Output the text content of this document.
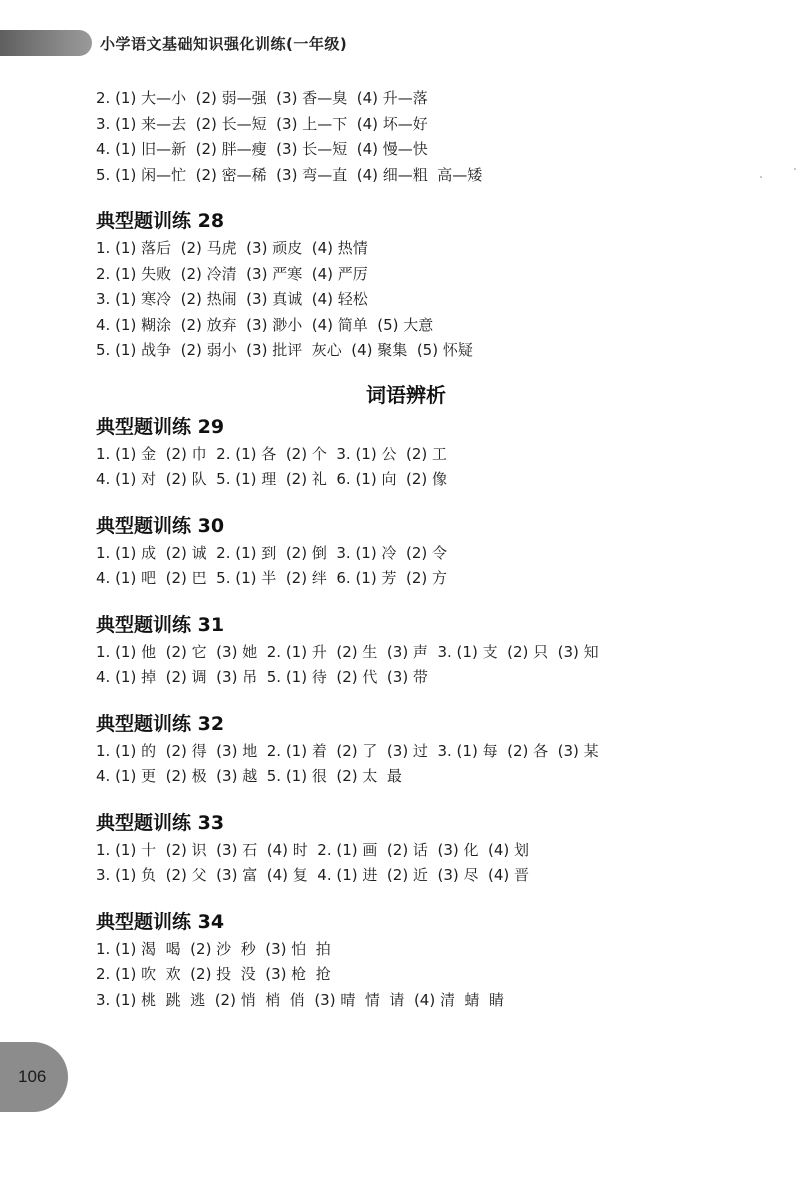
小学语文基础知识强化训练(一年级)
2. (1) 大—小  (2) 弱—强  (3) 香—臭  (4) 升—落
3. (1) 来—去  (2) 长—短  (3) 上—下  (4) 坏—好
4. (1) 旧—新  (2) 胖—瘦  (3) 长—短  (4) 慢—快
5. (1) 闲—忙  (2) 密—稀  (3) 弯—直  (4) 细—粗  高—矮
典型题训练 28
1. (1) 落后  (2) 马虎  (3) 顽皮  (4) 热情
2. (1) 失败  (2) 冷清  (3) 严寒  (4) 严厉
3. (1) 寒冷  (2) 热闹  (3) 真诚  (4) 轻松
4. (1) 糊涂  (2) 放弃  (3) 渺小  (4) 简单  (5) 大意
5. (1) 战争  (2) 弱小  (3) 批评  灰心  (4) 聚集  (5) 怀疑
词语辨析
典型题训练 29
1. (1) 金  (2) 巾  2. (1) 各  (2) 个  3. (1) 公  (2) 工
4. (1) 对  (2) 队  5. (1) 理  (2) 礼  6. (1) 向  (2) 像
典型题训练 30
1. (1) 成  (2) 诚  2. (1) 到  (2) 倒  3. (1) 冷  (2) 令
4. (1) 吧  (2) 巴  5. (1) 半  (2) 绊  6. (1) 芳  (2) 方
典型题训练 31
1. (1) 他  (2) 它  (3) 她  2. (1) 升  (2) 生  (3) 声  3. (1) 支  (2) 只  (3) 知
4. (1) 掉  (2) 调  (3) 吊  5. (1) 待  (2) 代  (3) 带
典型题训练 32
1. (1) 的  (2) 得  (3) 地  2. (1) 着  (2) 了  (3) 过  3. (1) 每  (2) 各  (3) 某
4. (1) 更  (2) 极  (3) 越  5. (1) 很  (2) 太  最
典型题训练 33
1. (1) 十  (2) 识  (3) 石  (4) 时  2. (1) 画  (2) 话  (3) 化  (4) 划
3. (1) 负  (2) 父  (3) 富  (4) 复  4. (1) 进  (2) 近  (3) 尽  (4) 晋
典型题训练 34
1. (1) 渴  喝  (2) 沙  秒  (3) 怕  拍
2. (1) 吹  欢  (2) 投  没  (3) 枪  抢
3. (1) 桃  跳  逃  (2) 悄  梢  俏  (3) 晴  情  请  (4) 清  蜻  睛
106
